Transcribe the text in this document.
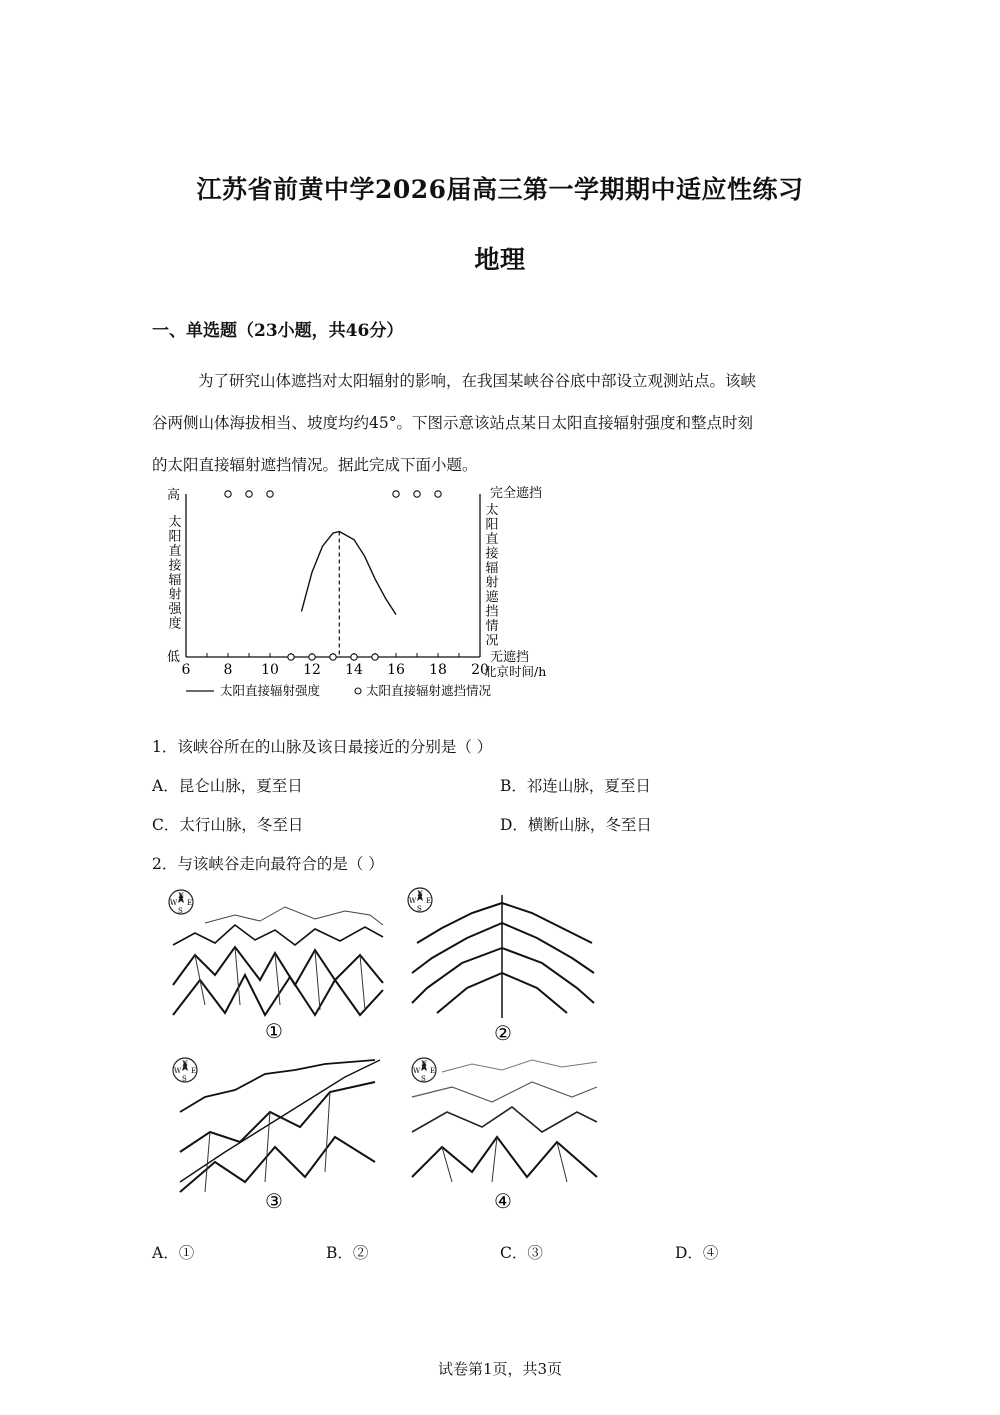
江苏省前黄中学2026届高三第一学期期中适应性练习
地理
一、单选题（23小题，共46分）

为了研究山体遮挡对太阳辐射的影响，在我国某峡谷谷底中部设立观测站点。该峡

谷两侧山体海拔相当、坡度均约45°。下图示意该站点某日太阳直接辐射强度和整点时刻

的太阳直接辐射遮挡情况。据此完成下面小题。

6 8 10 12 14 16 18 20
高
低
太
阳
直
接
辐
射
强
度
完全遮挡
无遮挡
太
阳
直
接
辐
射
遮
挡
情
况
北京时间/h
太阳直接辐射强度	太阳直接辐射遮挡情况
1．该峡谷所在的山脉及该日最接近的分别是（ ）
A．昆仑山脉，夏至日	B．祁连山脉，夏至日
C．太行山脉，冬至日	D．横断山脉，冬至日
2．与该峡谷走向最符合的是（ ）
N
S
W E
①
N
S
W E
②
N
S
W E
③
N
S
W E
④
A．①	B．②	C．③	D．④
试卷第1页，共3页
